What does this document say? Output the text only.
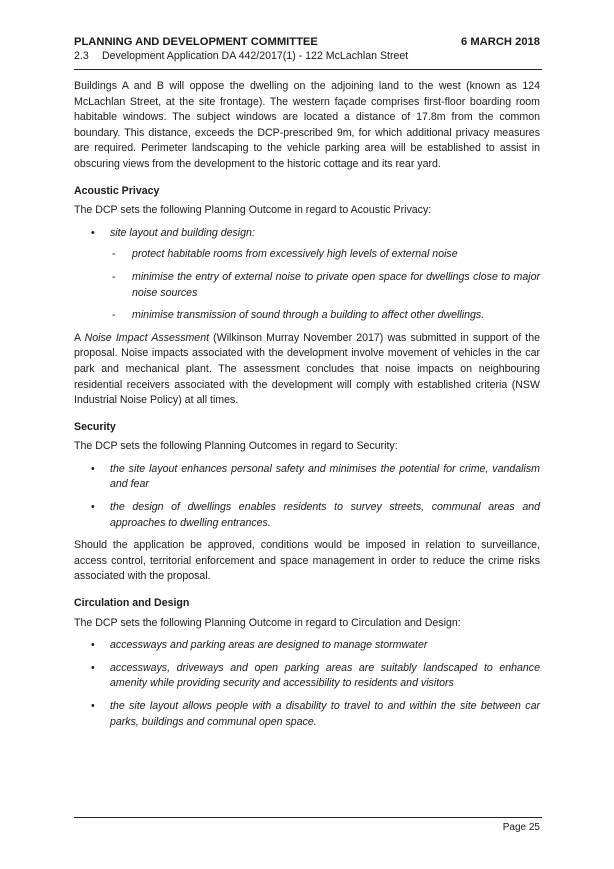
PLANNING AND DEVELOPMENT COMMITTEE	6 MARCH 2018
2.3 Development Application DA 442/2017(1) - 122 McLachlan Street

Buildings A and B will oppose the dwelling on the adjoining land to the west (known as 124 McLachlan Street, at the site frontage). The western façade comprises first-floor boarding room habitable windows. The subject windows are located a distance of 17.8m from the common boundary. This distance, exceeds the DCP-prescribed 9m, for which additional privacy measures are required. Perimeter landscaping to the vehicle parking area will be established to assist in obscuring views from the development to the historic cottage and its rear yard.

Acoustic Privacy

The DCP sets the following Planning Outcome in regard to Acoustic Privacy:

• site layout and building design:
- protect habitable rooms from excessively high levels of external noise
- minimise the entry of external noise to private open space for dwellings close to major noise sources
- minimise transmission of sound through a building to affect other dwellings.

A Noise Impact Assessment (Wilkinson Murray November 2017) was submitted in support of the proposal. Noise impacts associated with the development involve movement of vehicles in the car park and mechanical plant. The assessment concludes that noise impacts on neighbouring residential receivers associated with the development will comply with established criteria (NSW Industrial Noise Policy) at all times.

Security

The DCP sets the following Planning Outcomes in regard to Security:

• the site layout enhances personal safety and minimises the potential for crime, vandalism and fear
• the design of dwellings enables residents to survey streets, communal areas and approaches to dwelling entrances.

Should the application be approved, conditions would be imposed in relation to surveillance, access control, territorial enforcement and space management in order to reduce the crime risks associated with the proposal.

Circulation and Design

The DCP sets the following Planning Outcome in regard to Circulation and Design:

• accessways and parking areas are designed to manage stormwater
• accessways, driveways and open parking areas are suitably landscaped to enhance amenity while providing security and accessibility to residents and visitors
• the site layout allows people with a disability to travel to and within the site between car parks, buildings and communal open space.
Page 25
